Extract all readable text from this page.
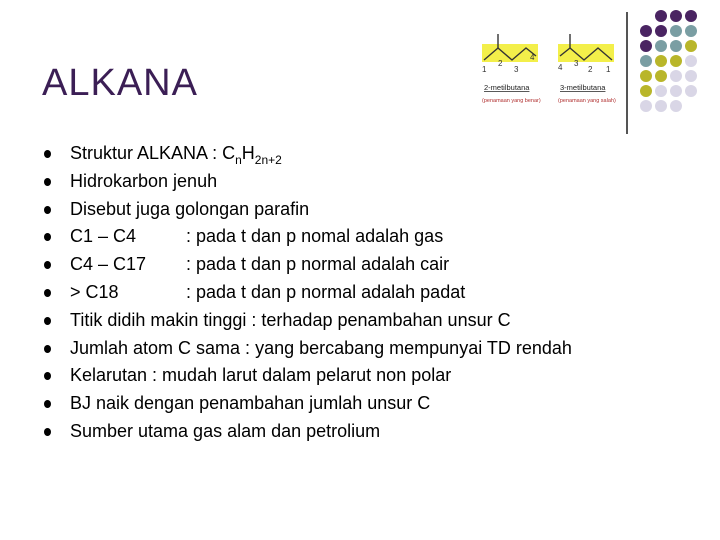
ALKANA	1
2
3
4
2-metilbutana
(penamaan yang benar)
4 3
2 1
3-metilbutana
(penamaan yang salah)
Struktur ALKANA : $C_nH_{2n+2}$
Hidrokarbon jenuh
Disebut juga golongan parafin
C1 – C4	: pada t dan p nomal adalah gas
C4 – C17 : pada t dan p normal adalah cair
> C18	: pada t dan p normal adalah padat
Titik didih makin tinggi : terhadap penambahan unsur C
Jumlah atom C sama : yang bercabang mempunyai TD rendah
Kelarutan : mudah larut dalam pelarut non polar
BJ naik dengan penambahan jumlah unsur C
Sumber utama gas alam dan petrolium
